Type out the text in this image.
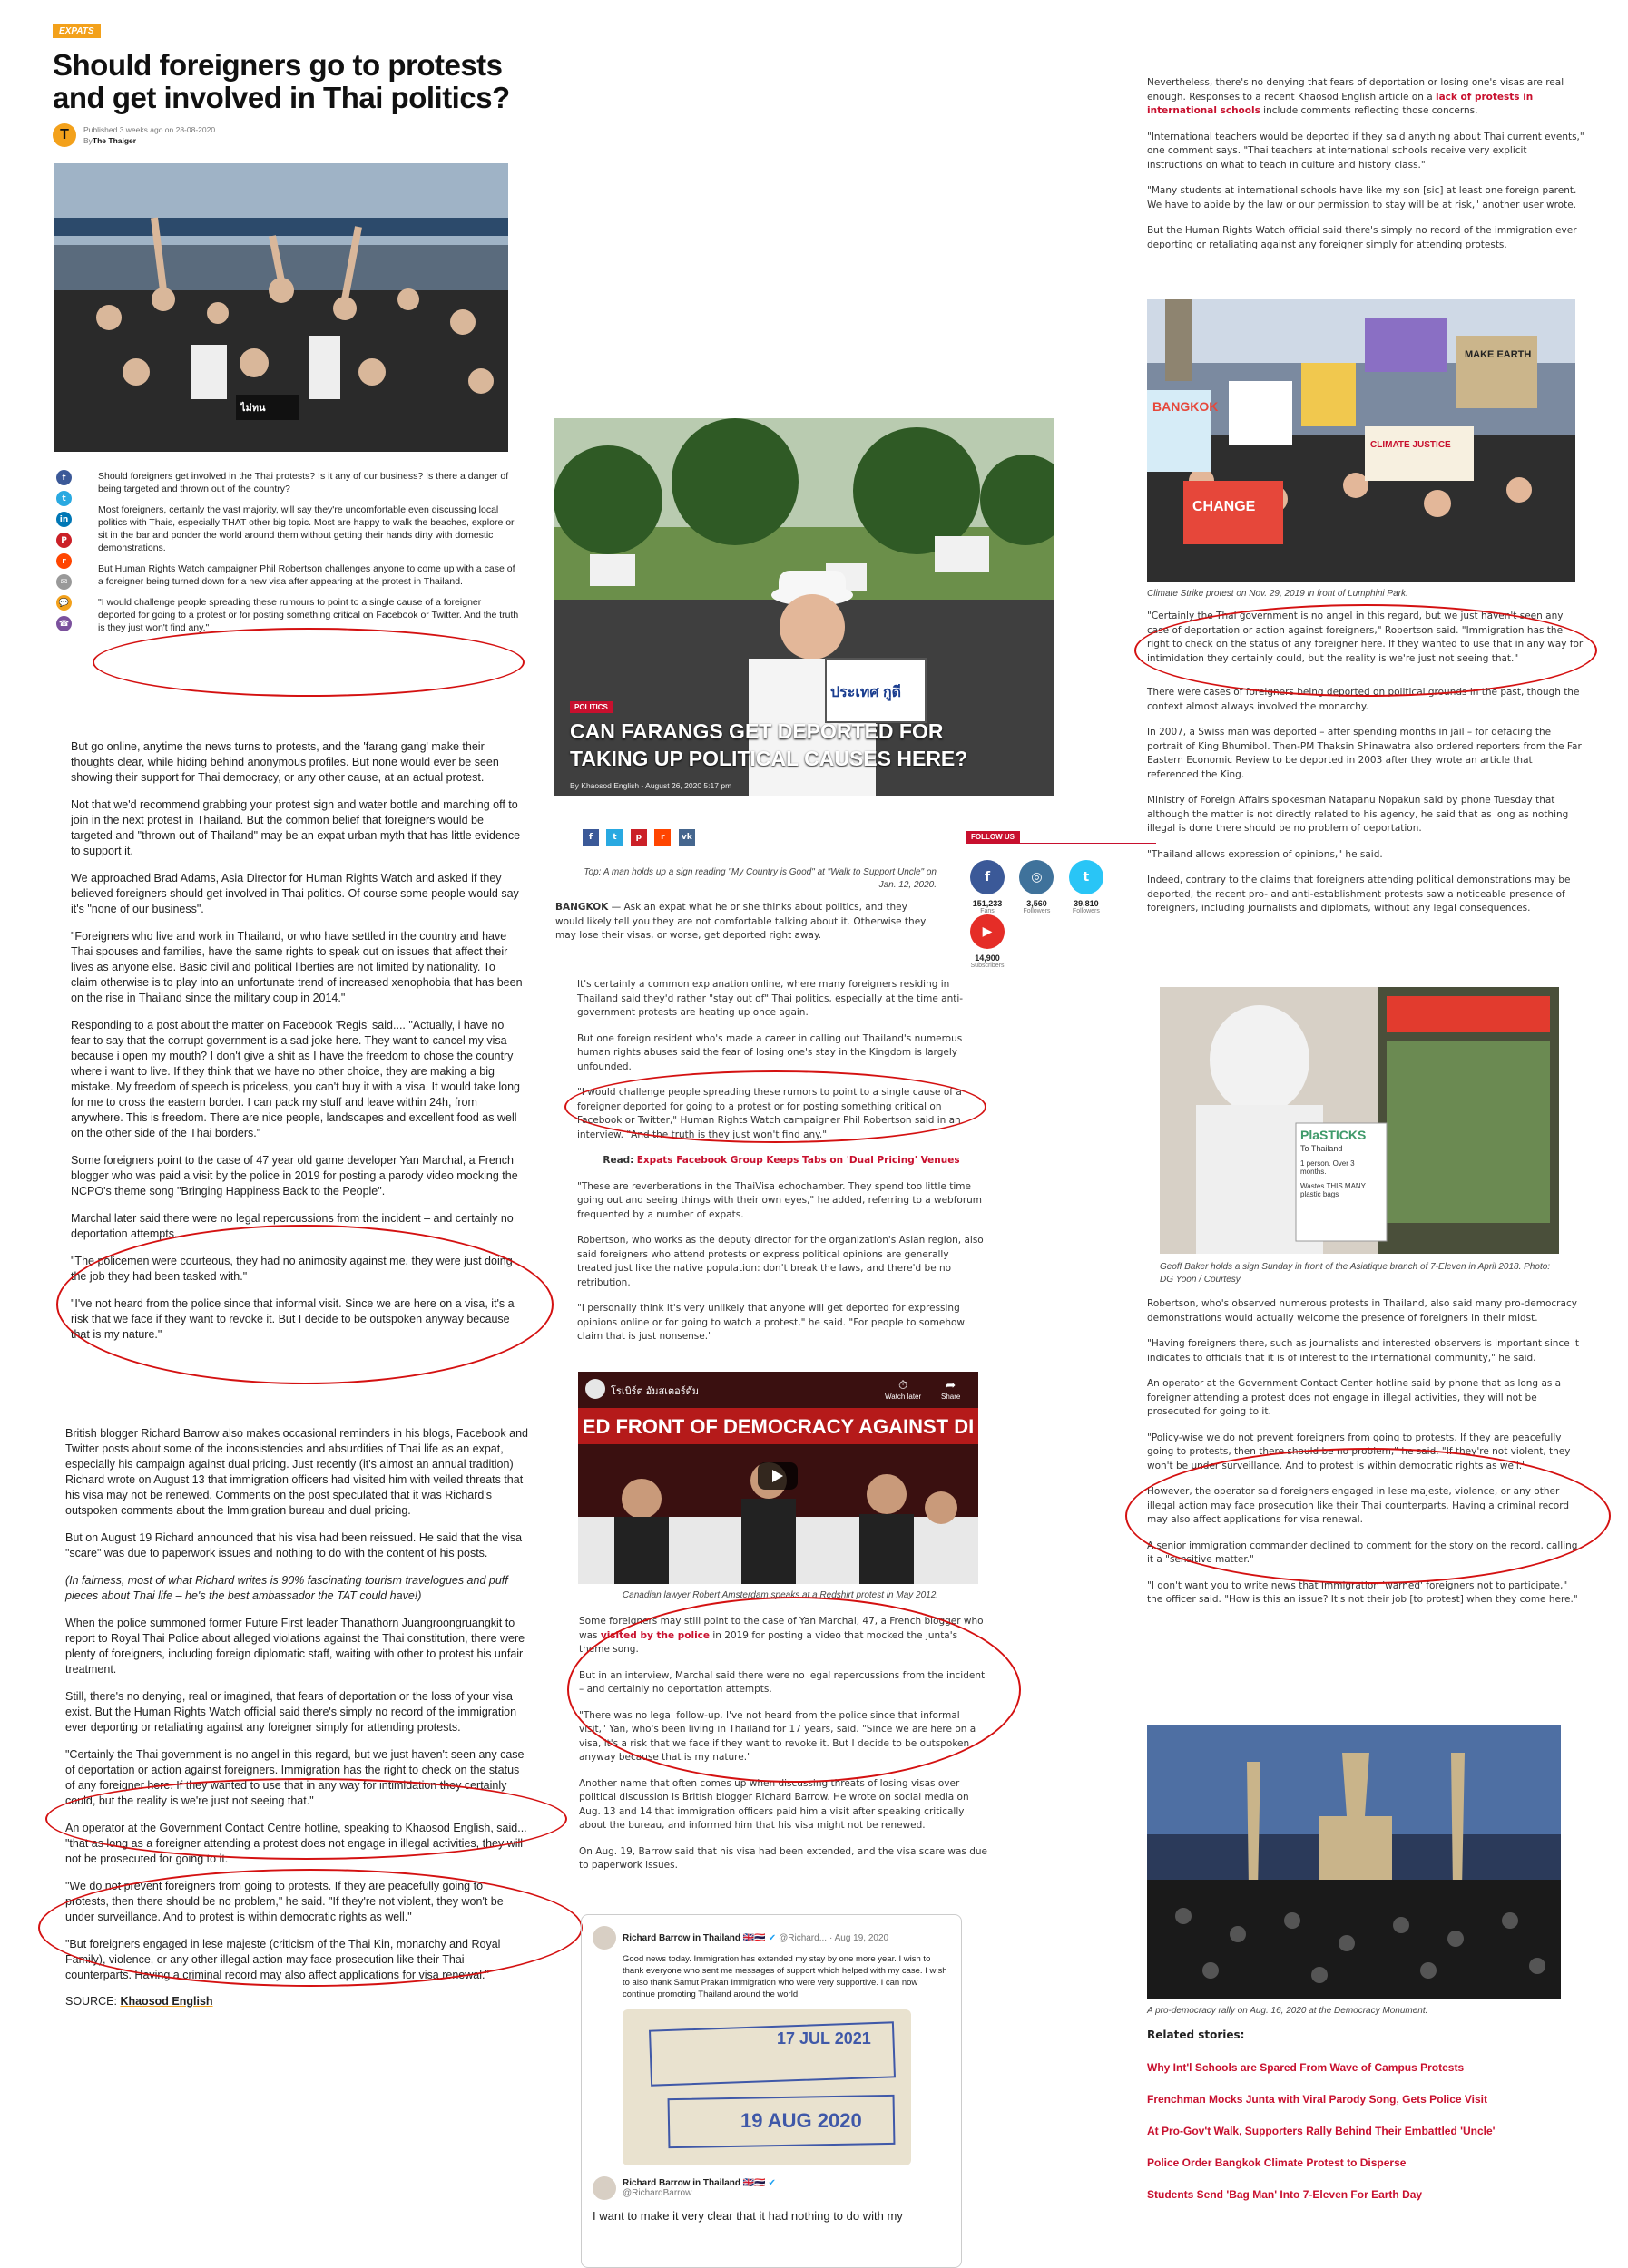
EXPATS
Should foreigners go to protests and get involved in Thai politics?
T	Published 3 weeks ago on 28-08-2020
ByThe Thaiger
ไม่ทน
f
t
in
P
r
✉
💬
☎

Should foreigners get involved in the Thai protests? Is it any of our business? Is there a danger of being targeted and thrown out of the country?

Most foreigners, certainly the vast majority, will say they're uncomfortable even discussing local politics with Thais, especially THAT other big topic. Most are happy to walk the beaches, explore or sit in the bar and ponder the world around them without getting their hands dirty with domestic demonstrations.

But Human Rights Watch campaigner Phil Robertson challenges anyone to come up with a case of a foreigner being turned down for a new visa after appearing at the protest in Thailand.

"I would challenge people spreading these rumours to point to a single cause of a foreigner deported for going to a protest or for posting something critical on Facebook or Twitter. And the truth is they just won't find any."

But go online, anytime the news turns to protests, and the 'farang gang' make their thoughts clear, while hiding behind anonymous profiles. But none would ever be seen showing their support for Thai democracy, or any other cause, at an actual protest.

Not that we'd recommend grabbing your protest sign and water bottle and marching off to join in the next protest in Thailand. But the common belief that foreigners would be targeted and "thrown out of Thailand" may be an expat urban myth that has little evidence to support it.

We approached Brad Adams, Asia Director for Human Rights Watch and asked if they believed foreigners should get involved in Thai politics. Of course some people would say it's "none of our business".

"Foreigners who live and work in Thailand, or who have settled in the country and have Thai spouses and families, have the same rights to speak out on issues that affect their lives as anyone else. Basic civil and political liberties are not limited by nationality. To claim otherwise is to play into an unfortunate trend of increased xenophobia that has been on the rise in Thailand since the military coup in 2014."

Responding to a post about the matter on Facebook 'Regis' said.... "Actually, i have no fear to say that the corrupt government is a sad joke here. They want to cancel my visa because i open my mouth? I don't give a shit as I have the freedom to chose the country where i want to live. If they think that we have no other choice, they are making a big mistake. My freedom of speech is priceless, you can't buy it with a visa. It would take long for me to cross the eastern border. I can pack my stuff and leave within 24h, from anywhere. This is freedom. There are nice people, landscapes and excellent food as well on the other side of the Thai borders."

Some foreigners point to the case of 47 year old game developer Yan Marchal, a French blogger who was paid a visit by the police in 2019 for posting a parody video mocking the NCPO's theme song "Bringing Happiness Back to the People".

Marchal later said there were no legal repercussions from the incident – and certainly no deportation attempts.

"The policemen were courteous, they had no animosity against me, they were just doing the job they had been tasked with."

"I've not heard from the police since that informal visit. Since we are here on a visa, it's a risk that we face if they want to revoke it. But I decide to be outspoken anyway because that is my nature."

British blogger Richard Barrow also makes occasional reminders in his blogs, Facebook and Twitter posts about some of the inconsistencies and absurdities of Thai life as an expat, especially his campaign against dual pricing. Just recently (it's almost an annual tradition) Richard wrote on August 13 that immigration officers had visited him with veiled threats that his visa may not be renewed. Comments on the post speculated that it was Richard's outspoken comments about the Immigration bureau and dual pricing.

But on August 19 Richard announced that his visa had been reissued. He said that the visa "scare" was due to paperwork issues and nothing to do with the content of his posts.

(In fairness, most of what Richard writes is 90% fascinating tourism travelogues and puff pieces about Thai life – he's the best ambassador the TAT could have!)

When the police summoned former Future First leader Thanathorn Juangroongruangkit to report to Royal Thai Police about alleged violations against the Thai constitution, there were plenty of foreigners, including foreign diplomatic staff, waiting with other to protest his unfair treatment.

Still, there's no denying, real or imagined, that fears of deportation or the loss of your visa exist. But the Human Rights Watch official said there's simply no record of the immigration ever deporting or retaliating against any foreigner simply for attending protests.

"Certainly the Thai government is no angel in this regard, but we just haven't seen any case of deportation or action against foreigners. Immigration has the right to check on the status of any foreigner here. If they wanted to use that in any way for intimidation they certainly could, but the reality is we're just not seeing that."

An operator at the Government Contact Centre hotline, speaking to Khaosod English, said... "that as long as a foreigner attending a protest does not engage in illegal activities, they will not be prosecuted for going to it.

"We do not prevent foreigners from going to protests. If they are peacefully going to protests, then there should be no problem," he said. "If they're not violent, they won't be under surveillance. And to protest is within democratic rights as well."

"But foreigners engaged in lese majeste (criticism of the Thai Kin, monarchy and Royal Family), violence, or any other illegal action may face prosecution like their Thai counterparts. Having a criminal record may also affect applications for visa renewal."

SOURCE: Khaosod English
ประเทศ กูดี
POLITICS
CAN FARANGS GET DEPORTED FOR TAKING UP POLITICAL CAUSES HERE?
By Khaosod English - August 26, 2020 5:17 pm
f t p r vk	FOLLOW US
f
151,233
Fans

◎
3,560
Followers

t
39,810
Followers

▶
14,900
Subscribers
Top: A man holds up a sign reading "My Country is Good" at "Walk to Support Uncle" on Jan. 12, 2020.

BANGKOK — Ask an expat what he or she thinks about politics, and they would likely tell you they are not comfortable talking about it. Otherwise they may lose their visas, or worse, get deported right away.

It's certainly a common explanation online, where many foreigners residing in Thailand said they'd rather "stay out of" Thai politics, especially at the time anti-government protests are heating up once again.

But one foreign resident who's made a career in calling out Thailand's numerous human rights abuses said the fear of losing one's stay in the Kingdom is largely unfounded.

"I would challenge people spreading these rumors to point to a single cause of a foreigner deported for going to a protest or for posting something critical on Facebook or Twitter," Human Rights Watch campaigner Phil Robertson said in an interview. "And the truth is they just won't find any."

Read: Expats Facebook Group Keeps Tabs on 'Dual Pricing' Venues

"These are reverberations in the ThaiVisa echochamber. They spend too little time going out and seeing things with their own eyes," he added, referring to a webforum frequented by a number of expats.

Robertson, who works as the deputy director for the organization's Asian region, also said foreigners who attend protests or express political opinions are generally treated just like the native population: don't break the laws, and there'd be no retribution.

"I personally think it's very unlikely that anyone will get deported for expressing opinions online or for going to watch a protest," he said. "For people to somehow claim that is just nonsense."

โรเบิร์ต อัมสเตอร์ดัม	⏱
Watch later
➦
Share
ED FRONT OF DEMOCRACY AGAINST DI
Canadian lawyer Robert Amsterdam speaks at a Redshirt protest in May 2012.

Some foreigners may still point to the case of Yan Marchal, 47, a French blogger who was visited by the police in 2019 for posting a video that mocked the junta's theme song.

But in an interview, Marchal said there were no legal repercussions from the incident – and certainly no deportation attempts.

"There was no legal follow-up. I've not heard from the police since that informal visit," Yan, who's been living in Thailand for 17 years, said. "Since we are here on a visa, it's a risk that we face if they want to revoke it. But I decide to be outspoken anyway because that is my nature."

Another name that often comes up when discussing threats of losing visas over political discussion is British blogger Richard Barrow. He wrote on social media on Aug. 13 and 14 that immigration officers paid him a visit after speaking critically about the bureau, and informed him that his visa might not be renewed.

On Aug. 19, Barrow said that his visa had been extended, and the visa scare was due to paperwork issues.

Richard Barrow in Thailand 🇬🇧🇹🇭 ✔ @Richard... · Aug 19, 2020
Good news today. Immigration has extended my stay by one more year. I wish to thank everyone who sent me messages of support which helped with my case. I wish to also thank Samut Prakan Immigration who were very supportive. I can now continue promoting Thailand around the world.
17 JUL 2021
19 AUG 2020
Richard Barrow in Thailand 🇬🇧🇹🇭 ✔
@RichardBarrow
I want to make it very clear that it had nothing to do with my

Nevertheless, there's no denying that fears of deportation or losing one's visas are real enough. Responses to a recent Khaosod English article on a lack of protests in international schools include comments reflecting those concerns.

"International teachers would be deported if they said anything about Thai current events," one comment says. "Thai teachers at international schools receive very explicit instructions on what to teach in culture and history class."

"Many students at international schools have like my son [sic] at least one foreign parent. We have to abide by the law or our permission to stay will be at risk," another user wrote.

But the Human Rights Watch official said there's simply no record of the immigration ever deporting or retaliating against any foreigner simply for attending protests.

BANGKOK
CHANGE
MAKE EARTH
CLIMATE JUSTICE
Climate Strike protest on Nov. 29, 2019 in front of Lumphini Park.

"Certainly the Thai government is no angel in this regard, but we just haven't seen any case of deportation or action against foreigners," Robertson said. "Immigration has the right to check on the status of any foreigner here. If they wanted to use that in any way for intimidation they certainly could, but the reality is we're just not seeing that."

There were cases of foreigners being deported on political grounds in the past, though the context almost always involved the monarchy.

In 2007, a Swiss man was deported – after spending months in jail – for defacing the portrait of King Bhumibol. Then-PM Thaksin Shinawatra also ordered reporters from the Far Eastern Economic Review to be deported in 2003 after they wrote an article that referenced the King.

Ministry of Foreign Affairs spokesman Natapanu Nopakun said by phone Tuesday that although the matter is not directly related to his agency, he said that as long as nothing illegal is done there should be no problem of deportation.

"Thailand allows expression of opinions," he said.

Indeed, contrary to the claims that foreigners attending political demonstrations may be deported, the recent pro- and anti-establishment protests saw a noticeable presence of foreigners, including journalists and diplomats, without any legal consequences.

PlaSTICKS
To Thailand
1 person. Over 3 months.
Wastes THIS MANY plastic bags
Geoff Baker holds a sign Sunday in front of the Asiatique branch of 7-Eleven in April 2018. Photo: DG Yoon / Courtesy

Robertson, who's observed numerous protests in Thailand, also said many pro-democracy demonstrations would actually welcome the presence of foreigners in their midst.

"Having foreigners there, such as journalists and interested observers is important since it indicates to officials that it is of interest to the international community," he said.

An operator at the Government Contact Center hotline said by phone that as long as a foreigner attending a protest does not engage in illegal activities, they will not be prosecuted for going to it.

"Policy-wise we do not prevent foreigners from going to protests. If they are peacefully going to protests, then there should be no problem," he said. "If they're not violent, they won't be under surveillance. And to protest is within democratic rights as well."

However, the operator said foreigners engaged in lese majeste, violence, or any other illegal action may face prosecution like their Thai counterparts. Having a criminal record may also affect applications for visa renewal.

A senior immigration commander declined to comment for the story on the record, calling it a "sensitive matter."

"I don't want you to write news that Immigration 'warned' foreigners not to participate," the officer said. "How is this an issue? It's not their job [to protest] when they come here."

A pro-democracy rally on Aug. 16, 2020 at the Democracy Monument.
Related stories:
Why Int'l Schools are Spared From Wave of Campus Protests
Frenchman Mocks Junta with Viral Parody Song, Gets Police Visit
At Pro-Gov't Walk, Supporters Rally Behind Their Embattled 'Uncle'
Police Order Bangkok Climate Protest to Disperse
Students Send 'Bag Man' Into 7-Eleven For Earth Day
